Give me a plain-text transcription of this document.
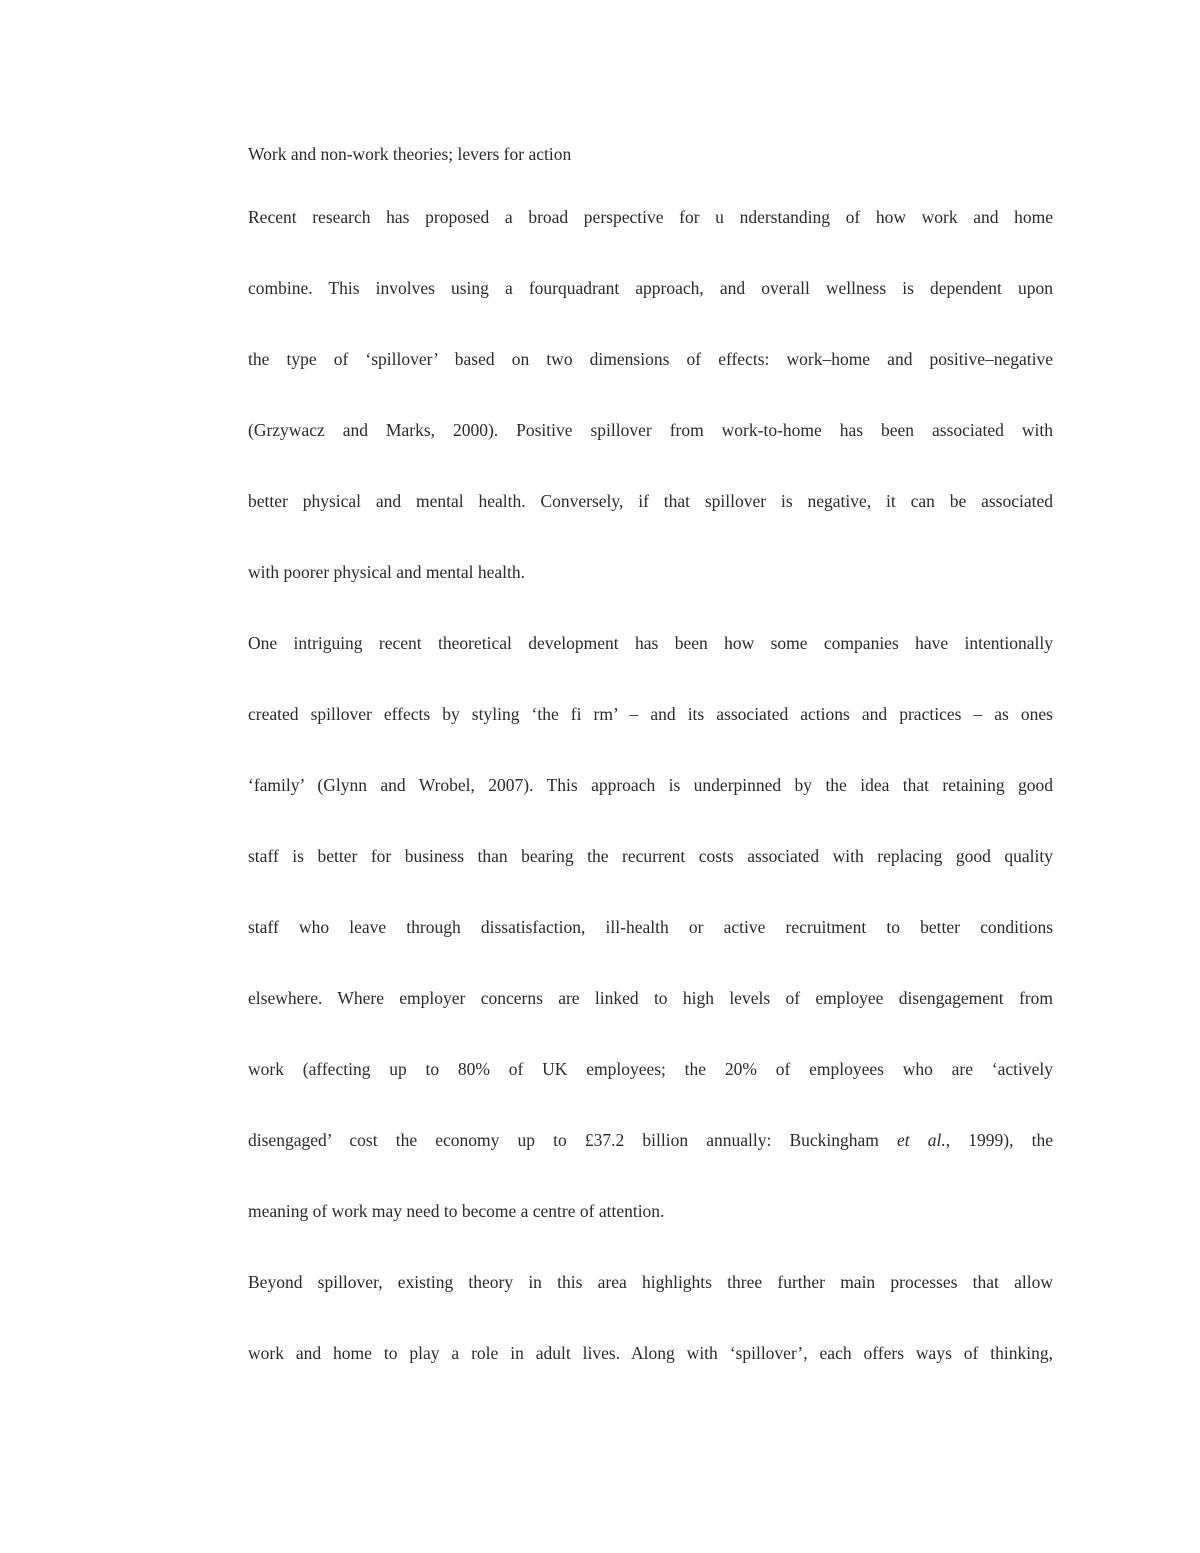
Work and non-work theories; levers for action
Recent research has proposed a broad perspective for u nderstanding of how work and home
combine. This involves using a fourquadrant approach, and overall wellness is dependent upon
the type of ‘spillover’ based on two dimensions of effects: work–home and positive–negative
(Grzywacz and Marks, 2000). Positive spillover from work-to-home has been associated with
better physical and mental health. Conversely, if that spillover is negative, it can be associated
with poorer physical and mental health.
One intriguing recent theoretical development has been how some companies have intentionally
created spillover effects by styling ‘the fi rm’ – and its associated actions and practices – as ones
‘family’ (Glynn and Wrobel, 2007). This approach is underpinned by the idea that retaining good
staff is better for business than bearing the recurrent costs associated with replacing good quality
staff who leave through dissatisfaction, ill-health or active recruitment to better conditions
elsewhere. Where employer concerns are linked to high levels of employee disengagement from
work (affecting up to 80% of UK employees; the 20% of employees who are ‘actively
disengaged’ cost the economy up to £37.2 billion annually: Buckingham et al., 1999), the
meaning of work may need to become a centre of attention.
Beyond spillover, existing theory in this area highlights three further main processes that allow
work and home to play a role in adult lives. Along with ‘spillover’, each offers ways of thinking,
